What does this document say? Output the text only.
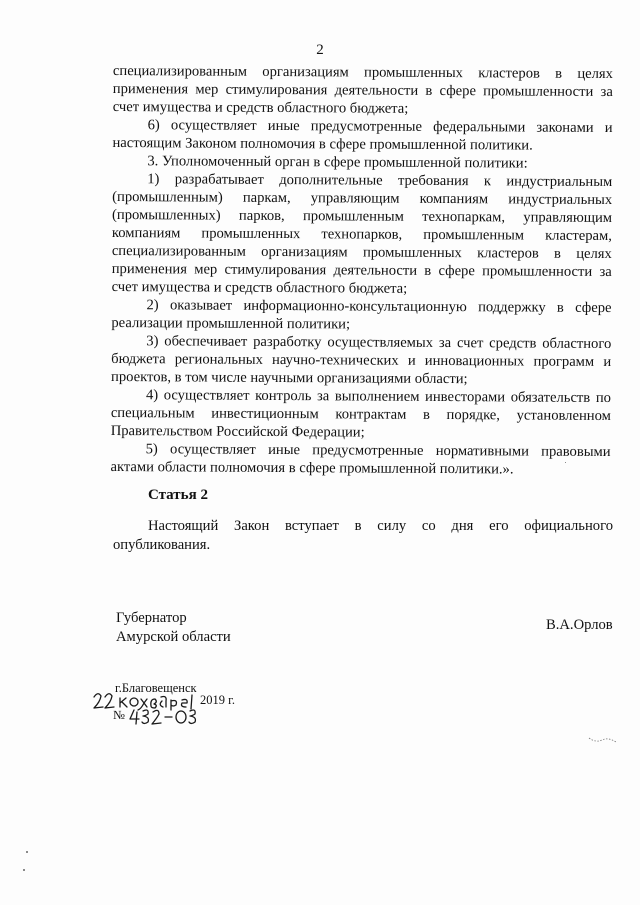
2

специализированным организациям промышленных кластеров в целях применения мер стимулирования деятельности в сфере промышленности за счет имущества и средств областного бюджета;

6) осуществляет иные предусмотренные федеральными законами и настоящим Законом полномочия в сфере промышленной политики.

3. Уполномоченный орган в сфере промышленной политики:

1) разрабатывает дополнительные требования к индустриальным (промышленным) паркам, управляющим компаниям индустриальных (промышленных) парков, промышленным технопаркам, управляющим компаниям промышленных технопарков, промышленным кластерам, специализированным организациям промышленных кластеров в целях применения мер стимулирования деятельности в сфере промышленности за счет имущества и средств областного бюджета;

2) оказывает информационно-консультационную поддержку в сфере реализации промышленной политики;

3) обеспечивает разработку осуществляемых за счет средств областного бюджета региональных научно-технических и инновационных программ и проектов, в том числе научными организациями области;

4) осуществляет контроль за выполнением инвесторами обязательств по специальным инвестиционным контрактам в порядке, установленном Правительством Российской Федерации;

5) осуществляет иные предусмотренные нормативными правовыми актами области полномочия в сфере промышленной политики.».

Статья 2

Настоящий Закон вступает в силу со дня его официального опубликования.

Губернатор
Амурской области
В.А.Орлов
г.Благовещенск
2019 г.
№
